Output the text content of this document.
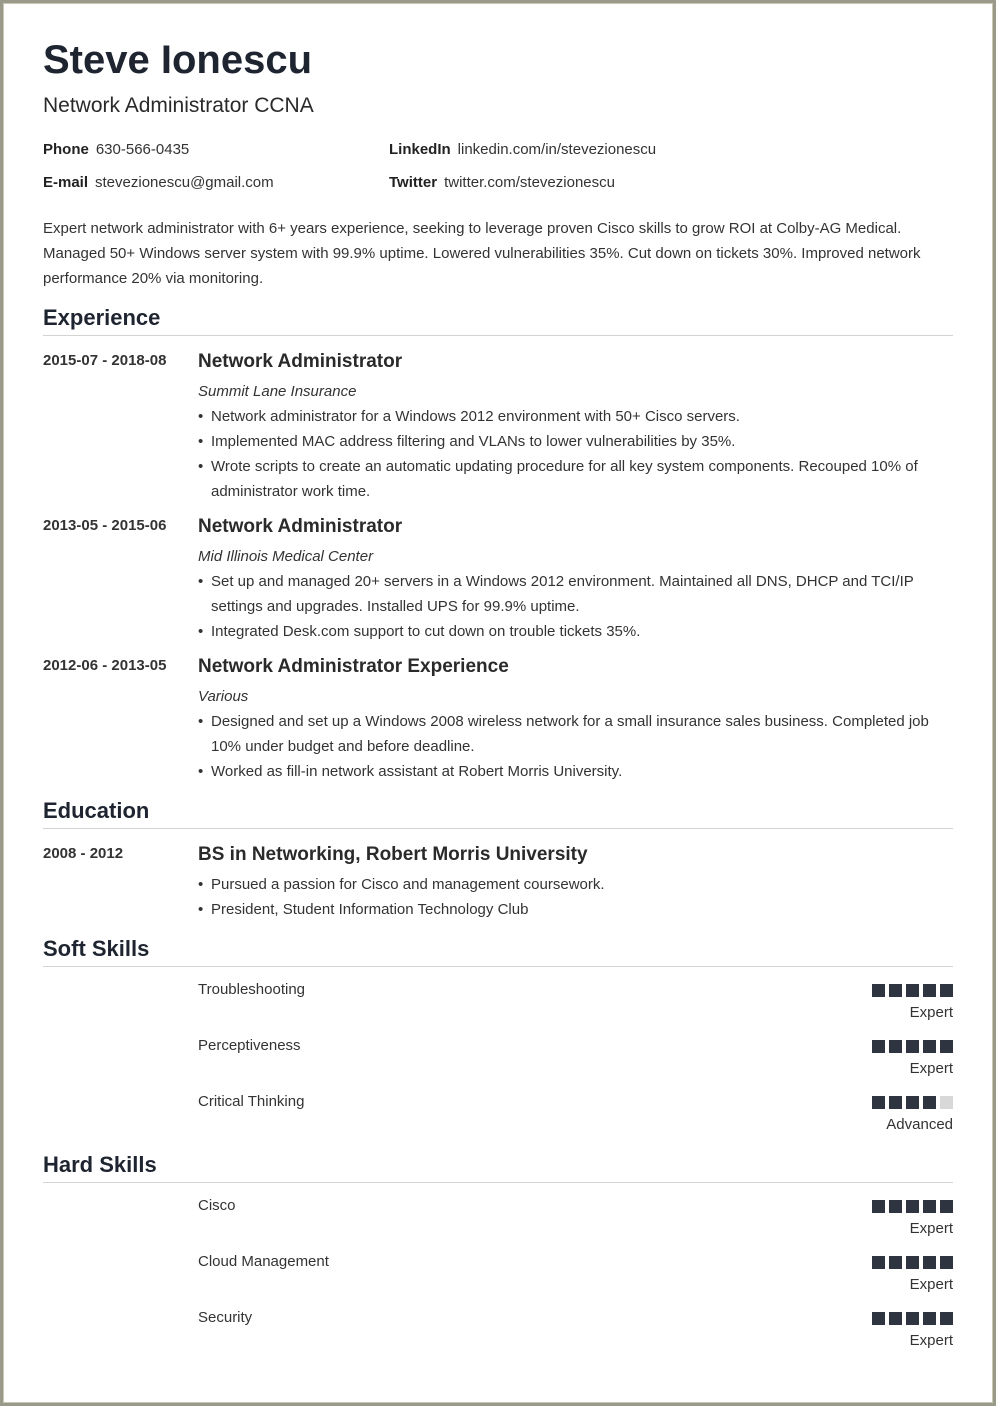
Steve Ionescu
Network Administrator CCNA
Phone 630-566-0435
E-mail stevezionescu@gmail.com
LinkedIn linkedin.com/in/stevezionescu
Twitter twitter.com/stevezionescu
Expert network administrator with 6+ years experience, seeking to leverage proven Cisco skills to grow ROI at Colby-AG Medical. Managed 50+ Windows server system with 99.9% uptime. Lowered vulnerabilities 35%. Cut down on tickets 30%. Improved network performance 20% via monitoring.
Experience
2015-07 - 2018-08 Network Administrator
Summit Lane Insurance
• Network administrator for a Windows 2012 environment with 50+ Cisco servers.
• Implemented MAC address filtering and VLANs to lower vulnerabilities by 35%.
• Wrote scripts to create an automatic updating procedure for all key system components. Recouped 10% of administrator work time.
2013-05 - 2015-06 Network Administrator
Mid Illinois Medical Center
• Set up and managed 20+ servers in a Windows 2012 environment. Maintained all DNS, DHCP and TCI/IP settings and upgrades. Installed UPS for 99.9% uptime.
• Integrated Desk.com support to cut down on trouble tickets 35%.
2012-06 - 2013-05 Network Administrator Experience
Various
• Designed and set up a Windows 2008 wireless network for a small insurance sales business. Completed job 10% under budget and before deadline.
• Worked as fill-in network assistant at Robert Morris University.
Education
2008 - 2012	BS in Networking, Robert Morris University
• Pursued a passion for Cisco and management coursework.
• President, Student Information Technology Club
Soft Skills
Troubleshooting
Expert
Perceptiveness
Expert
Critical Thinking
Advanced
Hard Skills
Cisco
Expert
Cloud Management
Expert
Security
Expert
